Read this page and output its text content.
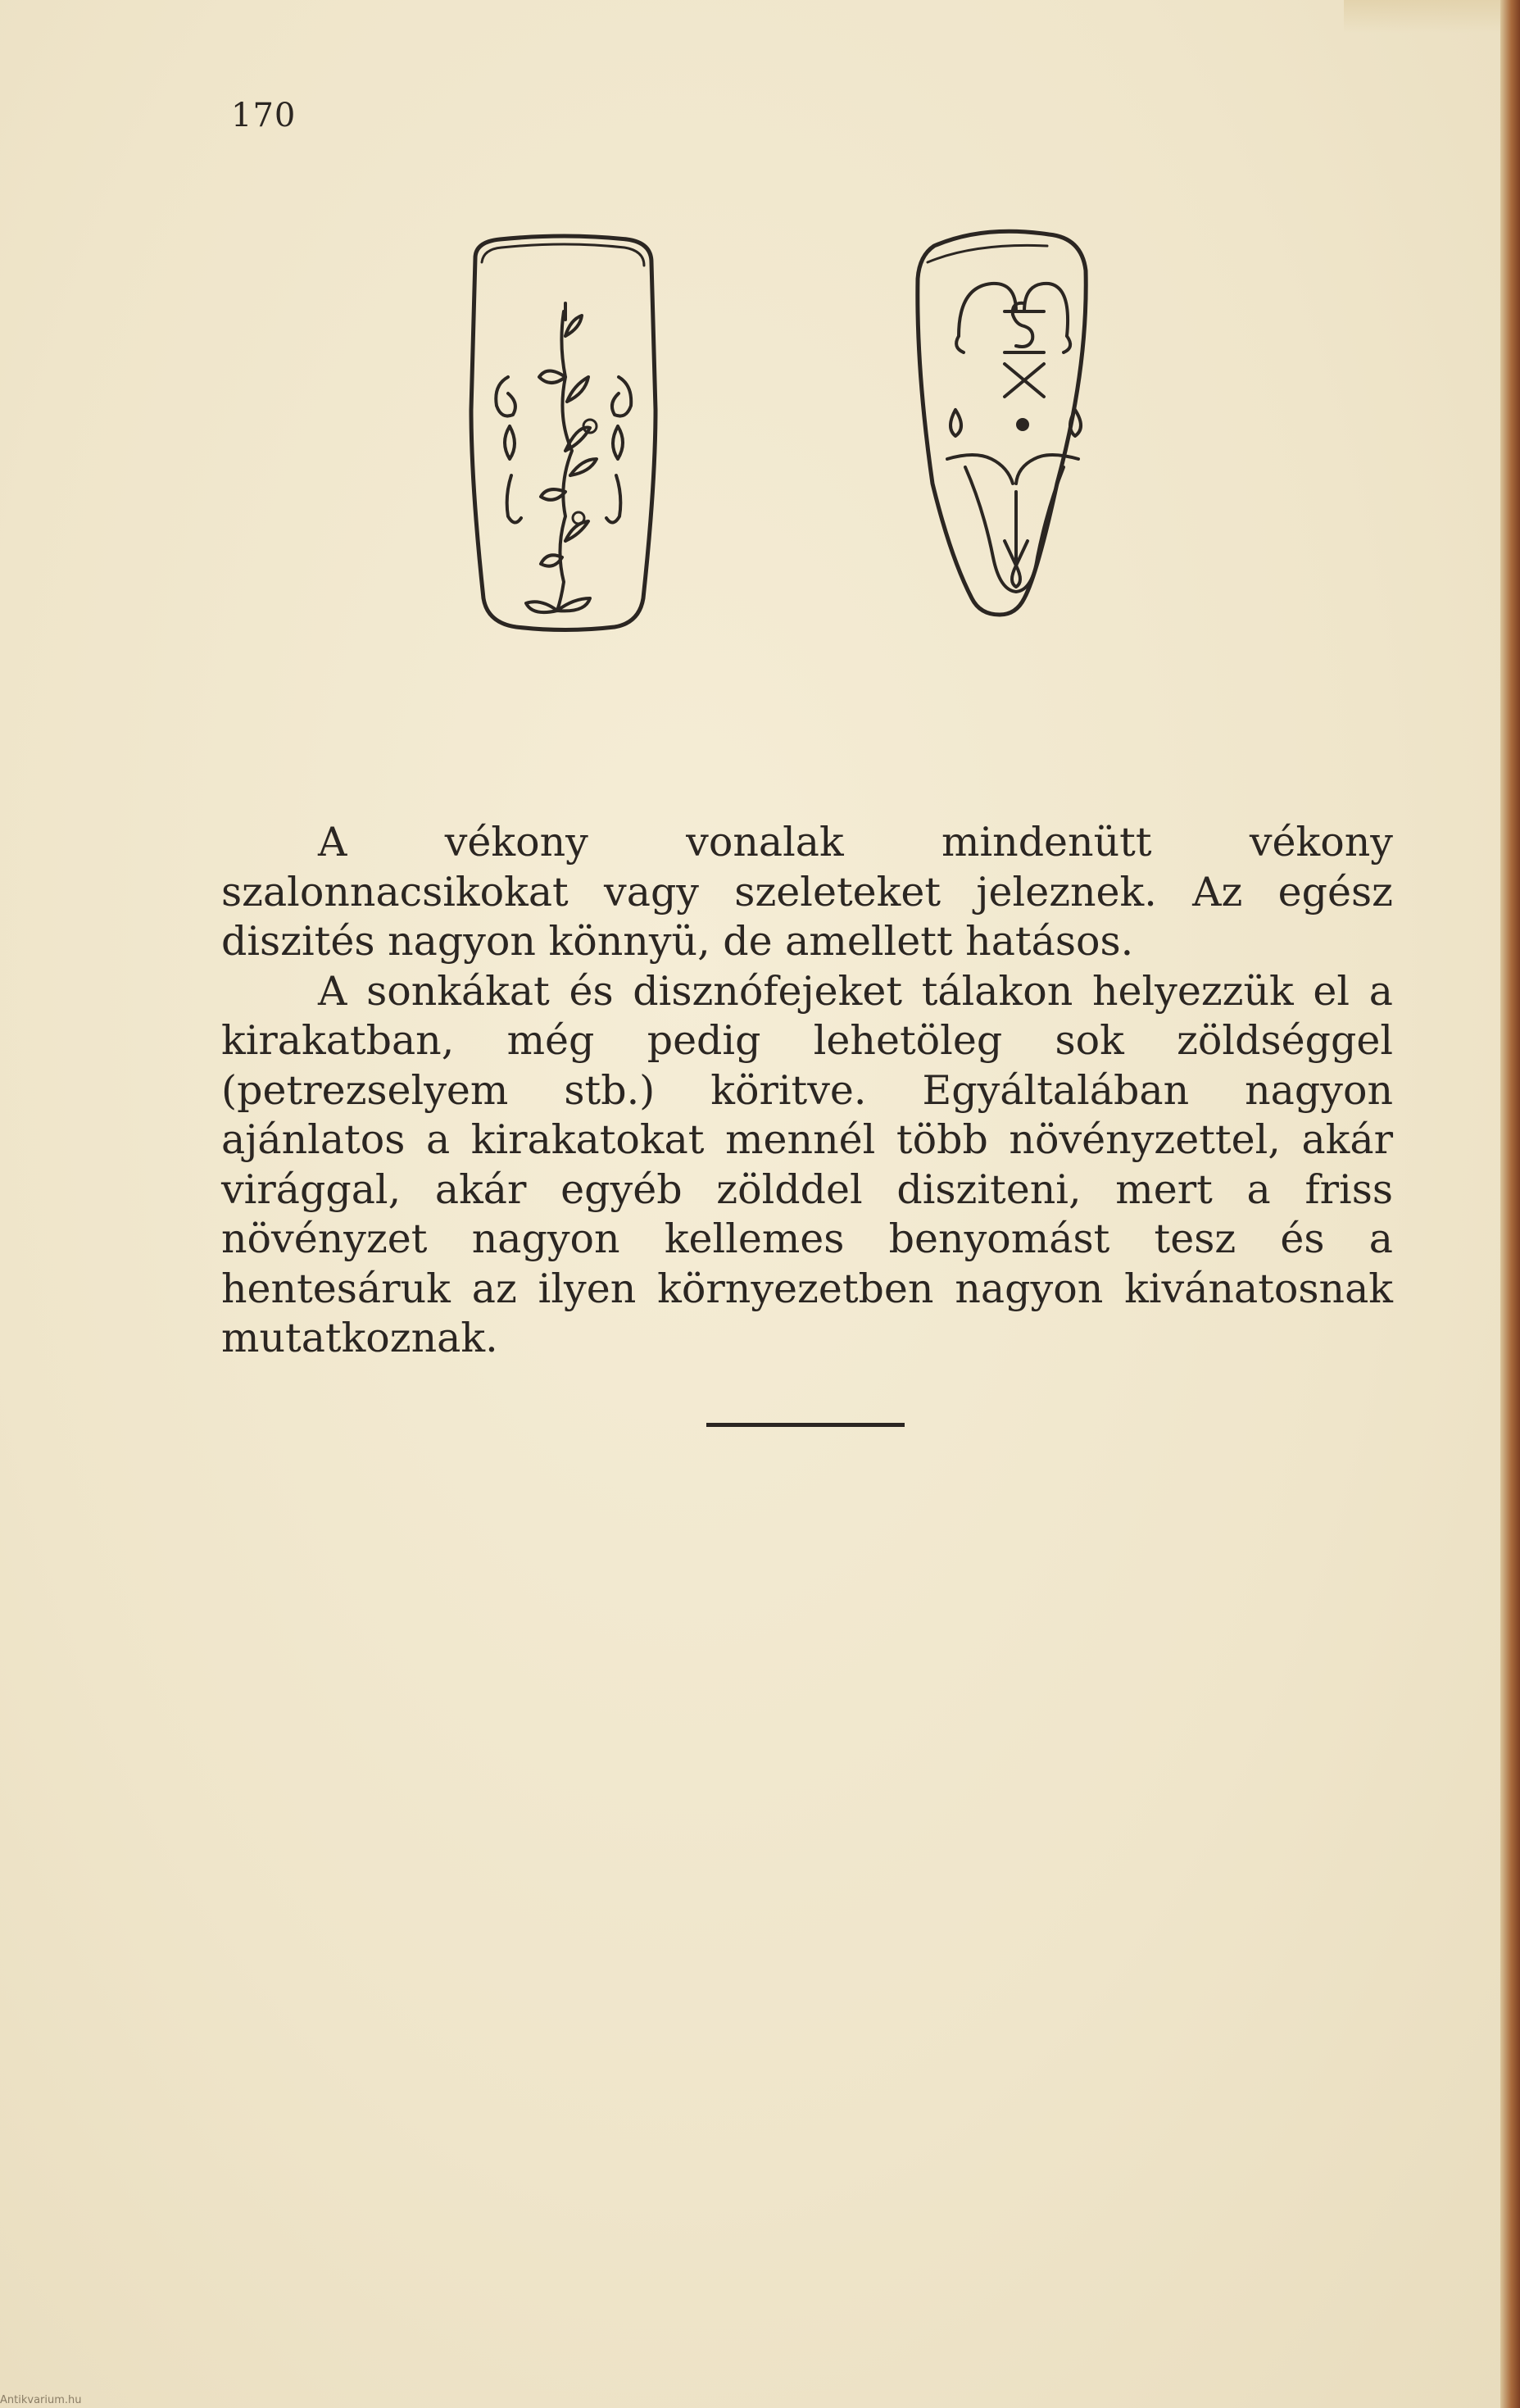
170

A vékony vonalak mindenütt vékony szalonnacsikokat vagy szeleteket jeleznek. Az egész diszités nagyon könnyü, de amellett hatásos.

A sonkákat és disznófejeket tálakon helyezzük el a kirakatban, még pedig lehetöleg sok zöldséggel (petrezselyem stb.) köritve. Egyáltalában nagyon ajánlatos a kirakatokat mennél több növényzettel, akár virággal, akár egyéb zölddel disziteni, mert a friss növényzet nagyon kellemes benyomást tesz és a hentesáruk az ilyen környezetben nagyon kivánatosnak mutatkoznak.

Antikvarium.hu
